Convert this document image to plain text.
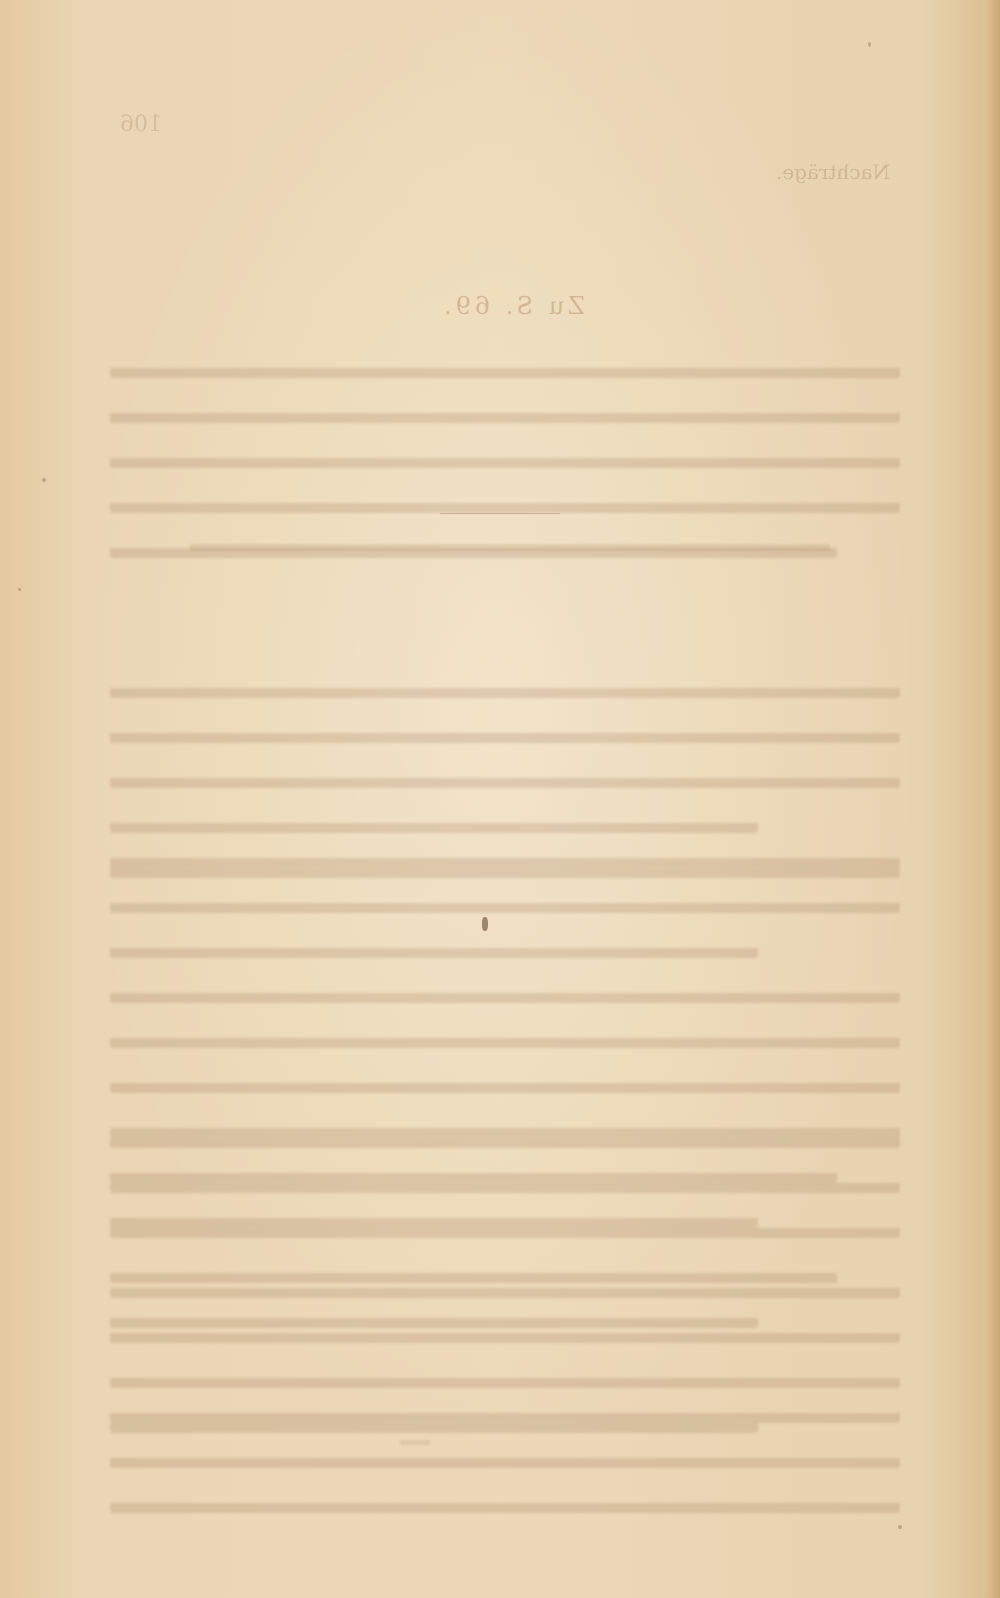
106
Nachträge.
Zu S. 69.
